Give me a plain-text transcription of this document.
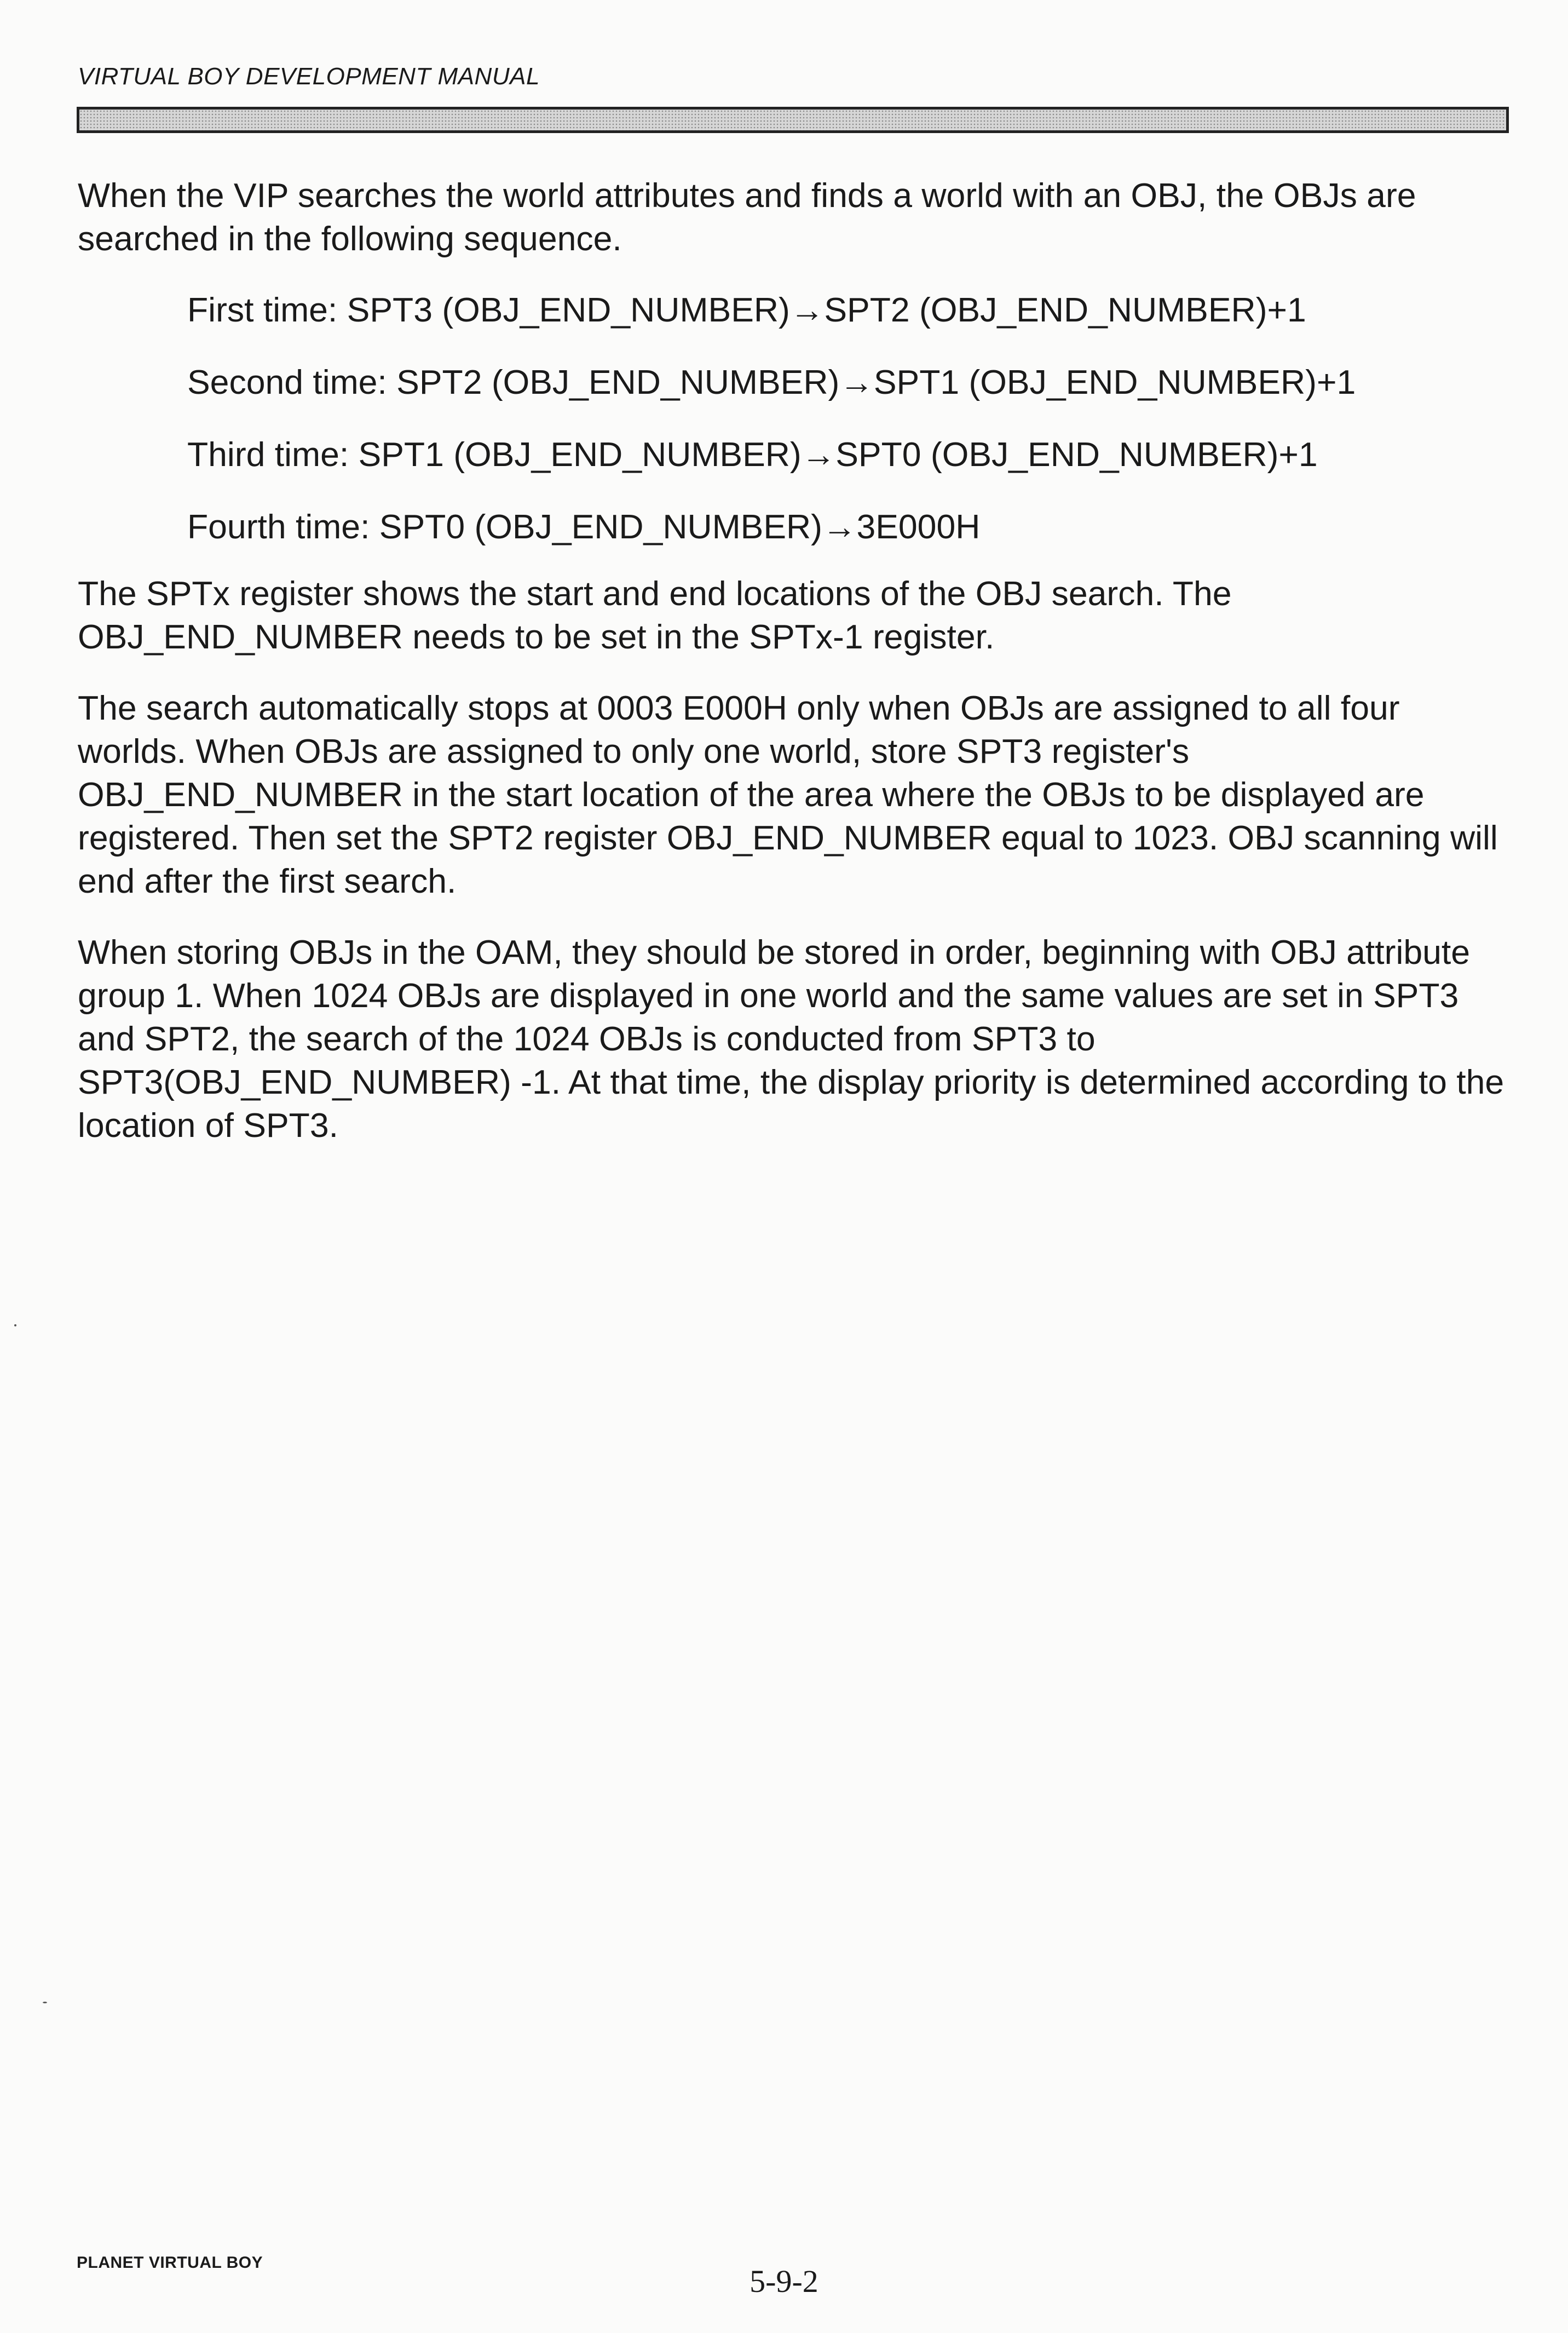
VIRTUAL BOY DEVELOPMENT MANUAL

When the VIP searches the world attributes and finds a world with an OBJ, the OBJs are searched in the following sequence.

First time: SPT3 (OBJ_END_NUMBER)→SPT2 (OBJ_END_NUMBER)+1
Second time: SPT2 (OBJ_END_NUMBER)→SPT1 (OBJ_END_NUMBER)+1
Third time: SPT1 (OBJ_END_NUMBER)→SPT0 (OBJ_END_NUMBER)+1
Fourth time: SPT0 (OBJ_END_NUMBER)→3E000H

The SPTx register shows the start and end locations of the OBJ search. The OBJ_END_NUMBER needs to be set in the SPTx-1 register.

The search automatically stops at 0003 E000H only when OBJs are assigned to all four worlds. When OBJs are assigned to only one world, store SPT3 register's OBJ_END_NUMBER in the start location of the area where the OBJs to be displayed are registered. Then set the SPT2 register OBJ_END_NUMBER equal to 1023. OBJ scanning will end after the first search.

When storing OBJs in the OAM, they should be stored in order, beginning with OBJ attribute group 1. When 1024 OBJs are displayed in one world and the same values are set in SPT3 and SPT2, the search of the 1024 OBJs is conducted from SPT3 to SPT3(OBJ_END_NUMBER) -1. At that time, the display priority is determined according to the location of SPT3.

PLANET VIRTUAL BOY
5-9-2
